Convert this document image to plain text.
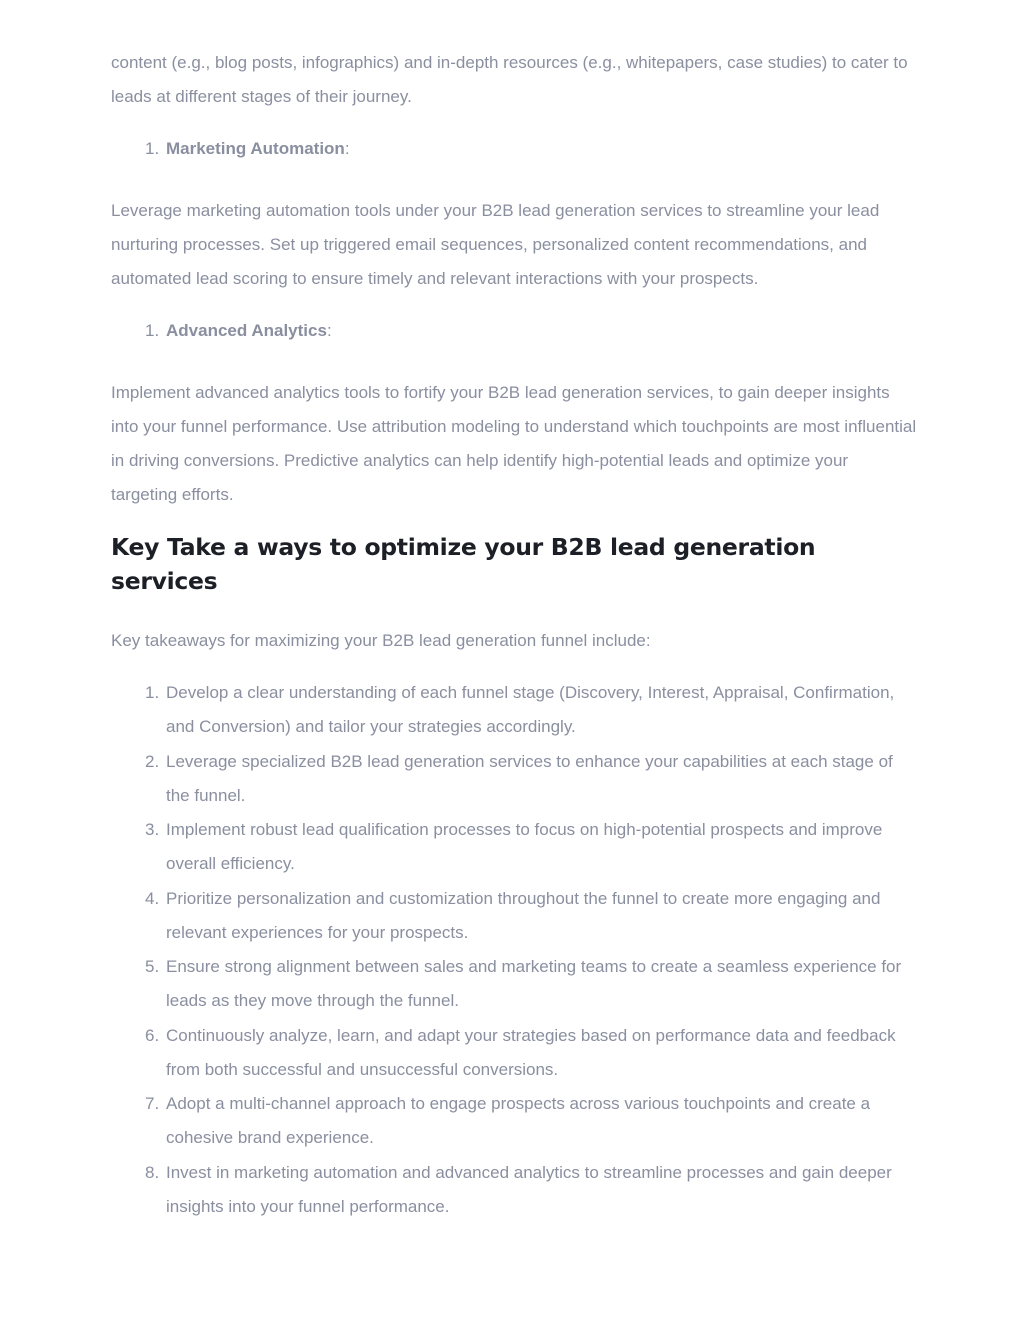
content (e.g., blog posts, infographics) and in-depth resources (e.g., whitepapers, case studies) to cater to leads at different stages of their journey.

1. Marketing Automation:

Leverage marketing automation tools under your B2B lead generation services to streamline your lead nurturing processes. Set up triggered email sequences, personalized content recommendations, and automated lead scoring to ensure timely and relevant interactions with your prospects.

1. Advanced Analytics:

Implement advanced analytics tools to fortify your B2B lead generation services, to gain deeper insights into your funnel performance. Use attribution modeling to understand which touchpoints are most influential in driving conversions. Predictive analytics can help identify high-potential leads and optimize your targeting efforts.

Key Take a ways to optimize your B2B lead generation services

Key takeaways for maximizing your B2B lead generation funnel include:

1. Develop a clear understanding of each funnel stage (Discovery, Interest, Appraisal, Confirmation, and Conversion) and tailor your strategies accordingly.
2. Leverage specialized B2B lead generation services to enhance your capabilities at each stage of the funnel.
3. Implement robust lead qualification processes to focus on high-potential prospects and improve overall efficiency.
4. Prioritize personalization and customization throughout the funnel to create more engaging and relevant experiences for your prospects.
5. Ensure strong alignment between sales and marketing teams to create a seamless experience for leads as they move through the funnel.
6. Continuously analyze, learn, and adapt your strategies based on performance data and feedback from both successful and unsuccessful conversions.
7. Adopt a multi-channel approach to engage prospects across various touchpoints and create a cohesive brand experience.
8. Invest in marketing automation and advanced analytics to streamline processes and gain deeper insights into your funnel performance.
